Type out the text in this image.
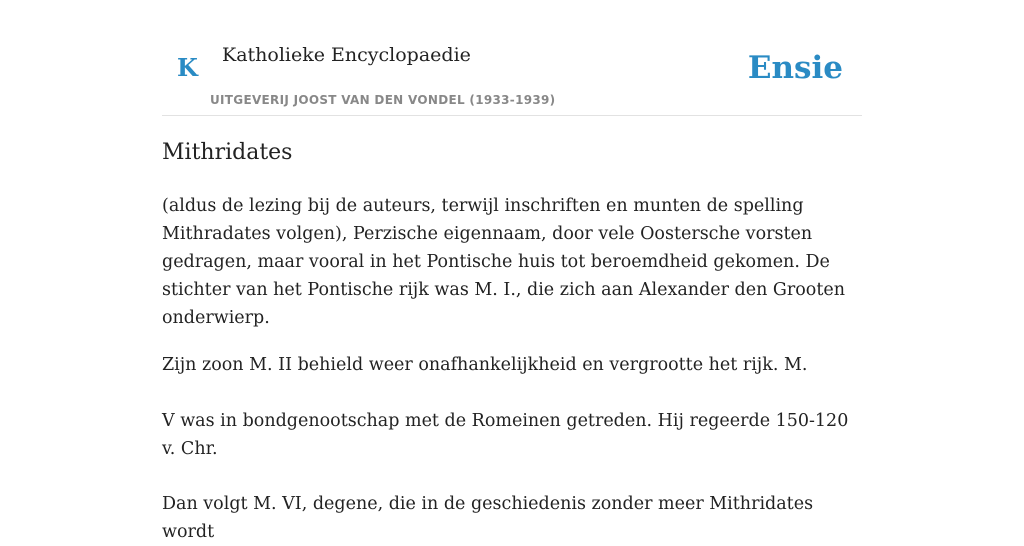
K Katholieke Encyclopaedie
UITGEVERIJ JOOST VAN DEN VONDEL (1933-1939)
Ensie
Mithridates

(aldus de lezing bij de auteurs, terwijl inschriften en munten de spelling Mithradates volgen), Perzische eigennaam, door vele Oostersche vorsten gedragen, maar vooral in het Pontische huis tot beroemdheid gekomen. De stichter van het Pontische rijk was M. I., die zich aan Alexander den Grooten onderwierp.

Zijn zoon M. II behield weer onafhankelijkheid en vergrootte het rijk. M.

V was in bondgenootschap met de Romeinen getreden. Hij regeerde 150-120 v. Chr.

Dan volgt M. VI, degene, die in de geschiedenis zonder meer Mithridates wordt
